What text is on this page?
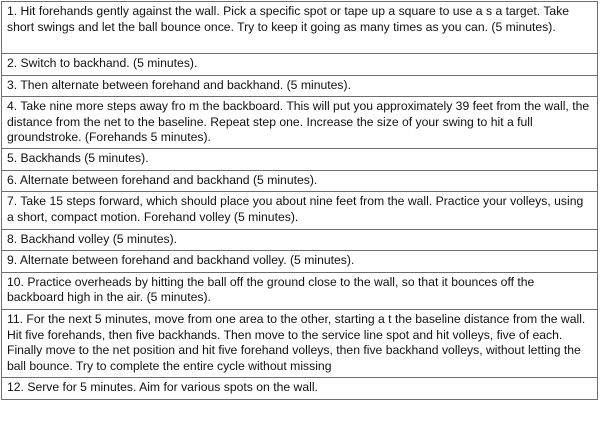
1. Hit forehands gently against the wall. Pick a specific spot or tape up a square to use a s a target. Take short swings and let the ball bounce once. Try to keep it going as many times as you can. (5 minutes).

2. Switch to backhand. (5 minutes).
3. Then alternate between forehand and backhand. (5 minutes).

4. Take nine more steps away fro m the backboard. This will put you approximately 39 feet from the wall, the distance from the net to the baseline. Repeat step one. Increase the size of your swing to hit a full groundstroke. (Forehands 5 minutes).

5. Backhands (5 minutes).
6. Alternate between forehand and backhand (5 minutes).
7. Take 15 steps forward, which should place you about nine feet from the wall. Practice your volleys, using a short, compact motion. Forehand volley (5 minutes).
8. Backhand volley (5 minutes).
9. Alternate between forehand and backhand volley. (5 minutes).
10. Practice overheads by hitting the ball off the ground close to the wall, so that it bounces off the backboard high in the air. (5 minutes).

11. For the next 5 minutes, move from one area to the other, starting a t the baseline distance from the wall. Hit five forehands, then five backhands. Then move to the service line spot and hit volleys, five of each. Finally move to the net position and hit five forehand volleys, then five backhand volleys, without letting the ball bounce. Try to complete the entire cycle without missing

12. Serve for 5 minutes. Aim for various spots on the wall.
